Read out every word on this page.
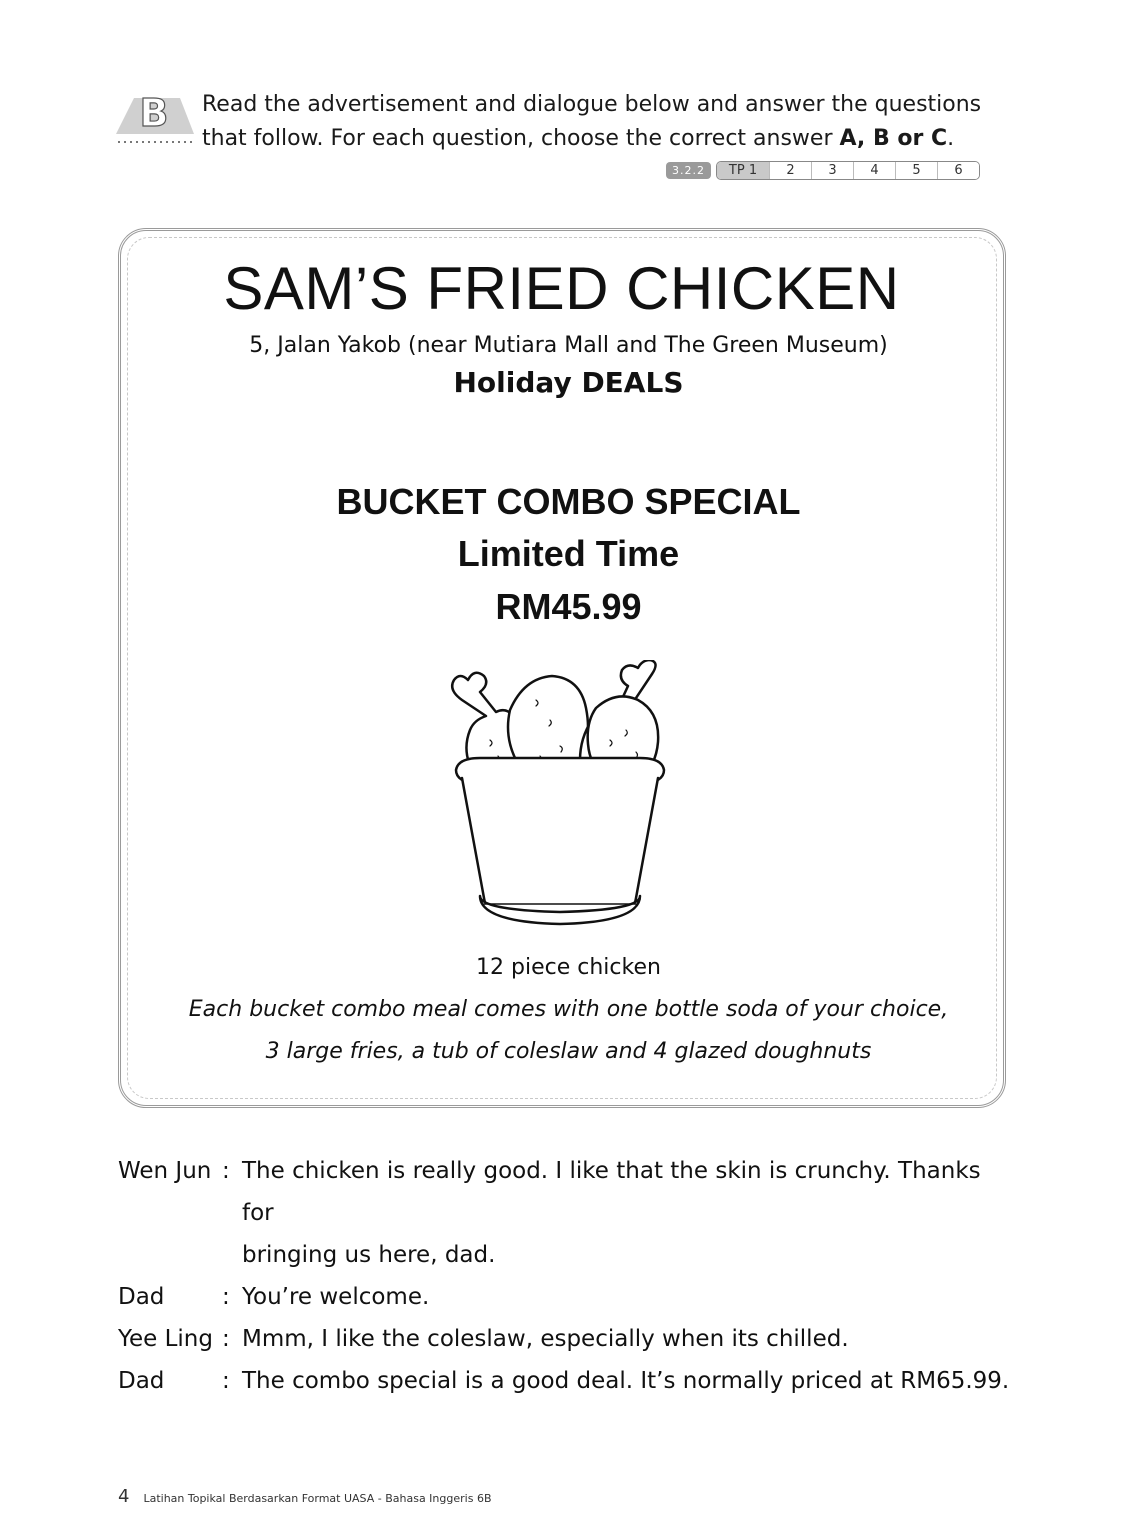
B Read the advertisement and dialogue below and answer the questions
that follow. For each question, choose the correct answer A, B or C.
3.2.2	TP 1	2	3	4	5	6
SAM’S FRIED CHICKEN
5, Jalan Yakob (near Mutiara Mall and The Green Museum)
Holiday DEALS
BUCKET COMBO SPECIAL
Limited Time
RM45.99
12 piece chicken
Each bucket combo meal comes with one bottle soda of your choice,
3 large fries, a tub of coleslaw and 4 glazed doughnuts
Wen Jun : The chicken is really good. I like that the skin is crunchy. Thanks for
bringing us here, dad.
Dad	: You’re welcome.
Yee Ling : Mmm, I like the coleslaw, especially when its chilled.
Dad	: The combo special is a good deal. It’s normally priced at RM65.99.
4 Latihan Topikal Berdasarkan Format UASA - Bahasa Inggeris 6B
